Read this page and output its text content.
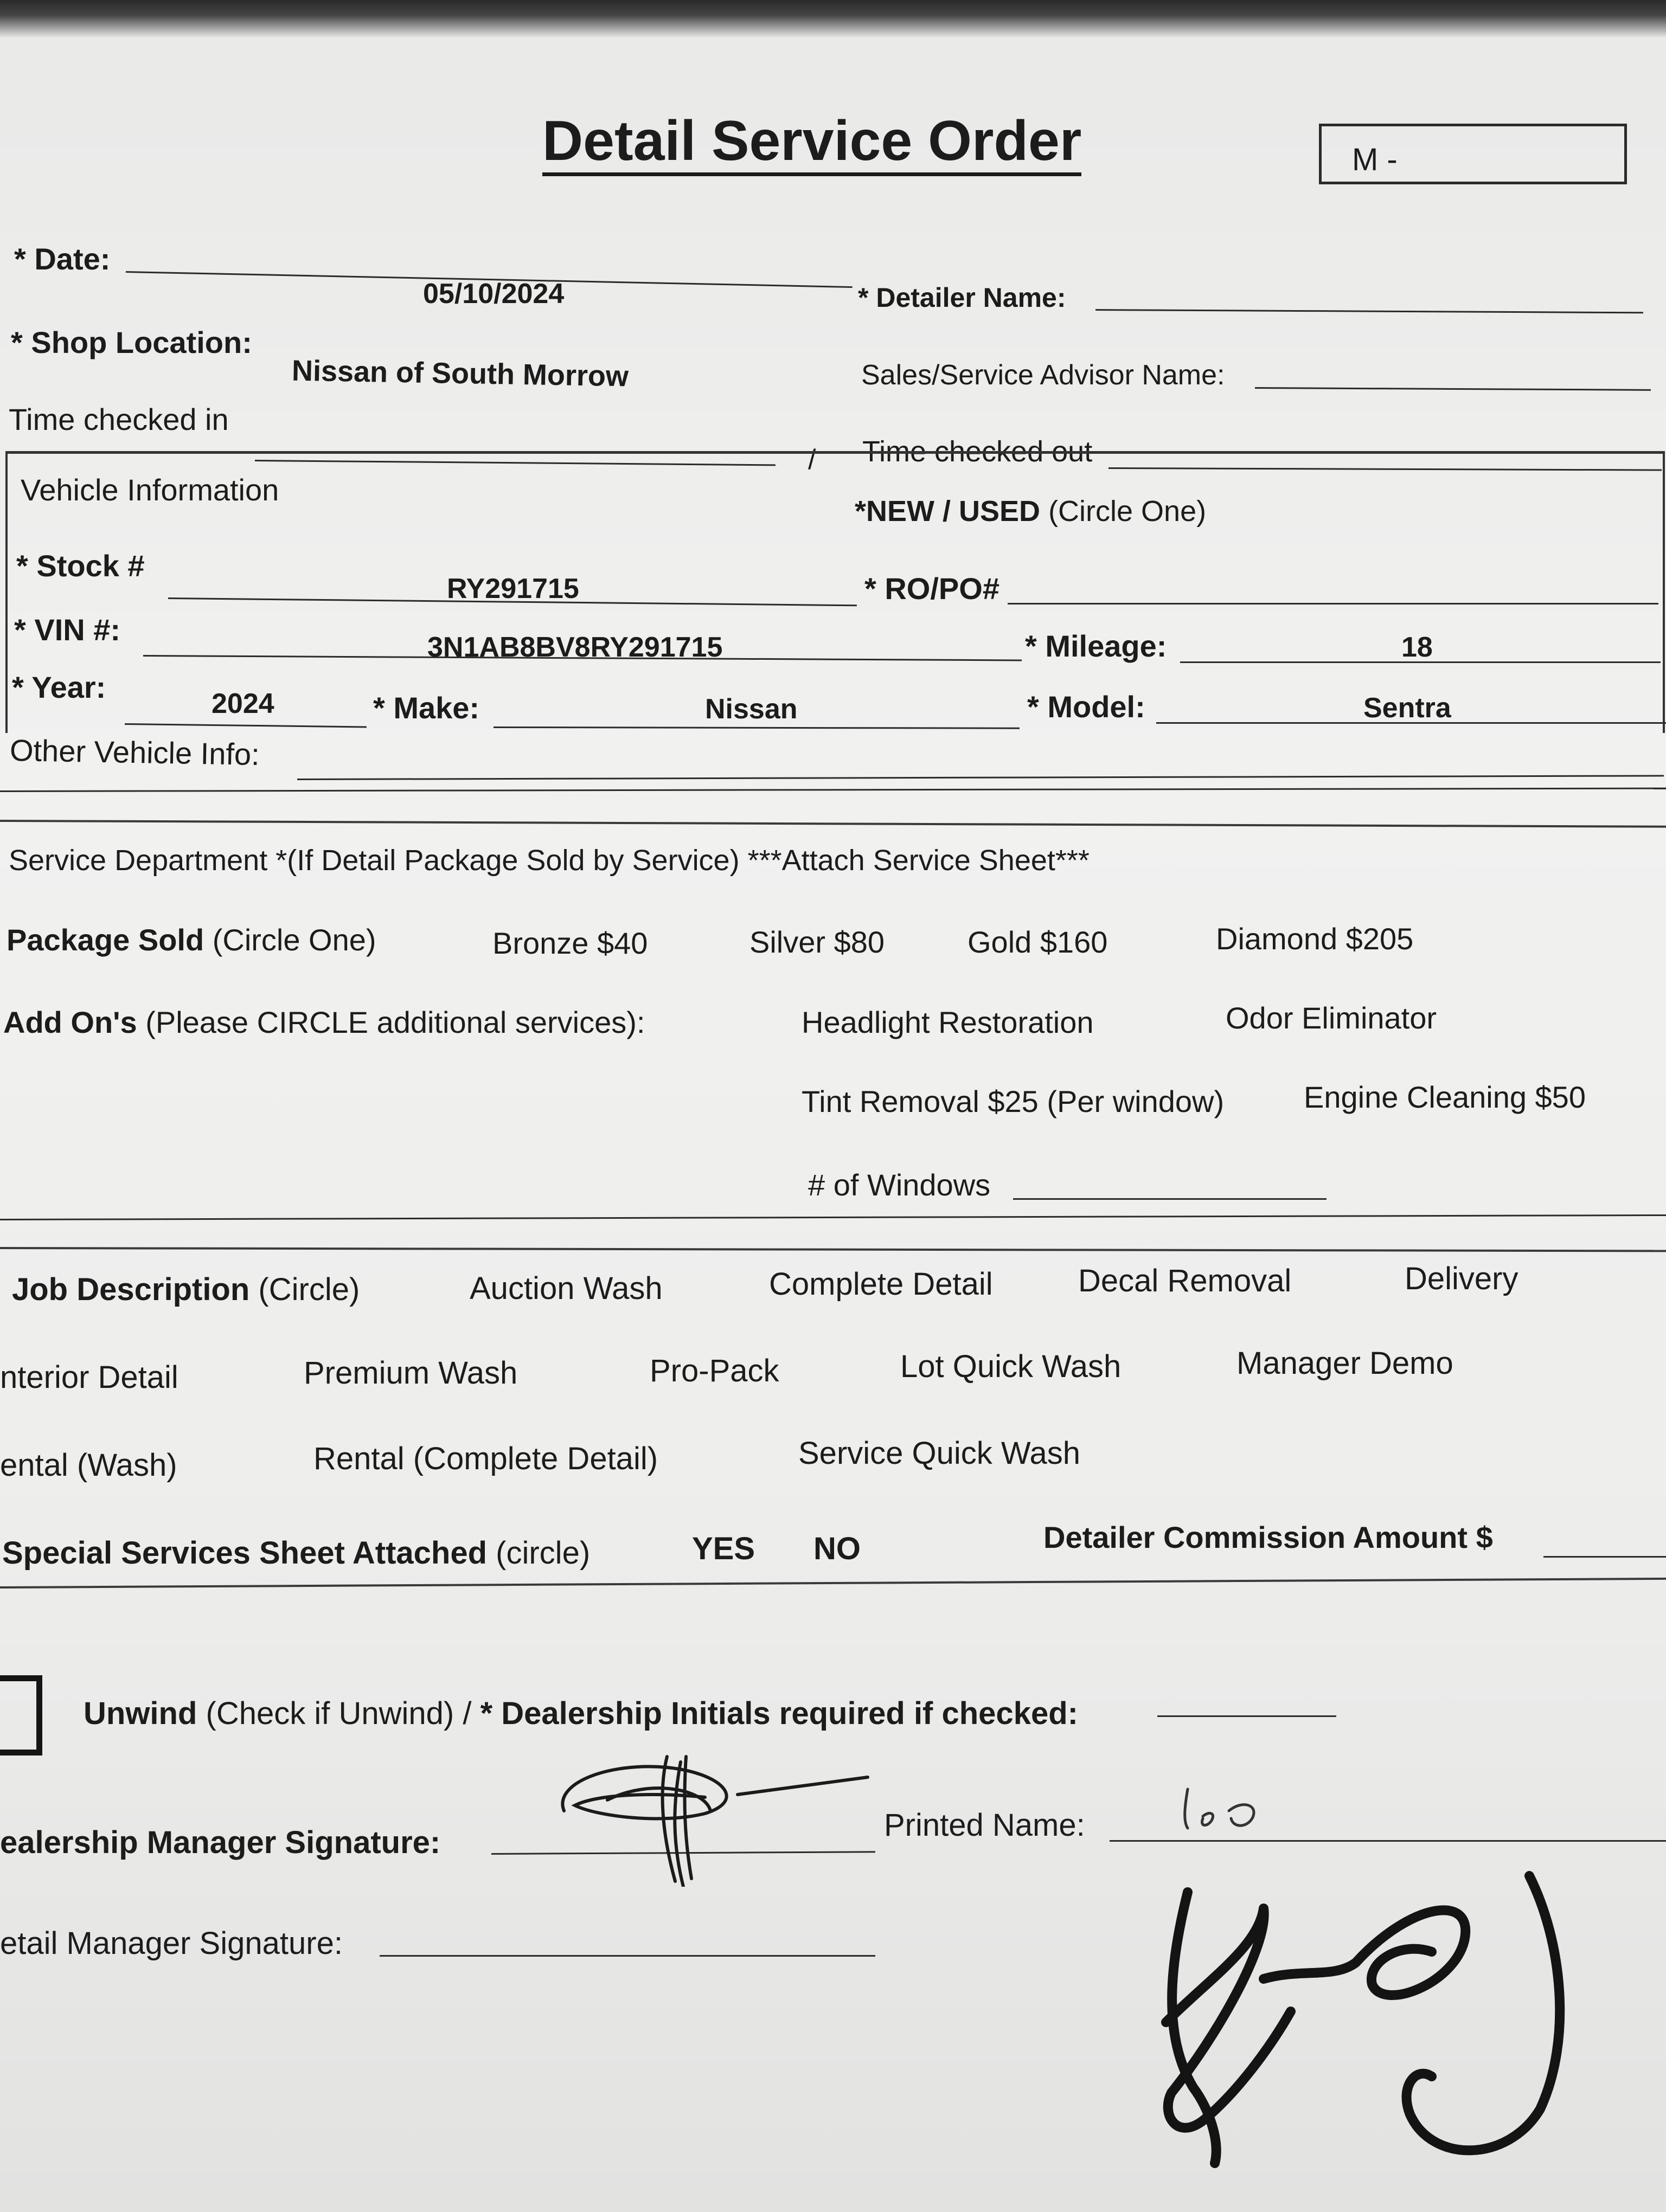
Detail Service Order	M -
* Date:
05/10/2024	* Detailer Name:
* Shop Location:
Nissan of South Morrow	Sales/Service Advisor Name:
Time checked in
/ Time checked out
Vehicle Information
*NEW / USED (Circle One)
* Stock #
RY291715	* RO/PO#
* VIN #:
3N1AB8BV8RY291715	* Mileage:	18
* Year:	2024	* Make:	Nissan	* Model:	Sentra
Other Vehicle Info:
Service Department *(If Detail Package Sold by Service) ***Attach Service Sheet***
Package Sold (Circle One)	Bronze $40	Silver $80	Gold $160	Diamond $205
Add On's (Please CIRCLE additional services):	Headlight Restoration	Odor Eliminator
Tint Removal $25 (Per window)	Engine Cleaning $50
# of Windows
Job Description (Circle)	Auction Wash	Complete Detail	Decal Removal	Delivery
nterior Detail	Premium Wash	Pro-Pack	Lot Quick Wash	Manager Demo
ental (Wash)	Rental (Complete Detail)	Service Quick Wash
Special Services Sheet Attached (circle)	YES NO	Detailer Commission Amount $
Unwind (Check if Unwind) / * Dealership Initials required if checked:
ealership Manager Signature:	Printed Name:
etail Manager Signature:
